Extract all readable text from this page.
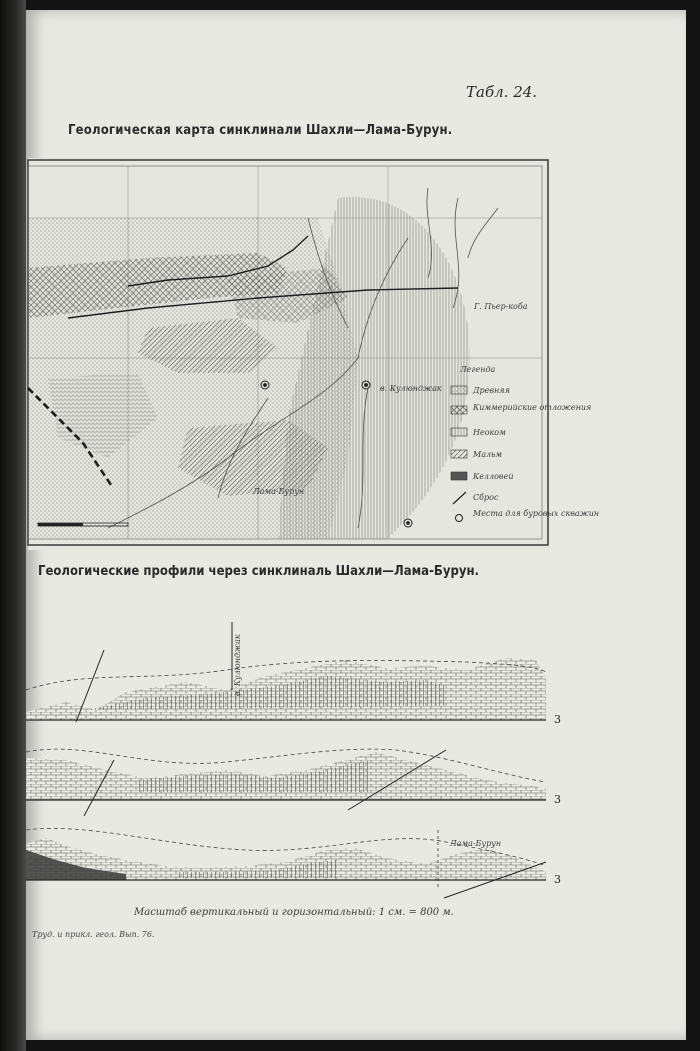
Табл. 24.
Геологическая карта синклинали Шахли—Лама-Бурун.
Г. Пьер-коба
в. Кулюнджак
Лама-Бурун
Легенда
Древняя
Киммерийские отложения
Неоком
Мальм
Келловей
Сброс
Места для буровых скважин
Геологические профили через синклиналь Шахли—Лама-Бурун.
в. Кулюнджак
3
3
Лама-Бурун
3
Масштаб вертикальный и горизонтальный: 1 см. = 800 м.
Труд. и прикл. геол. Вып. 76.
